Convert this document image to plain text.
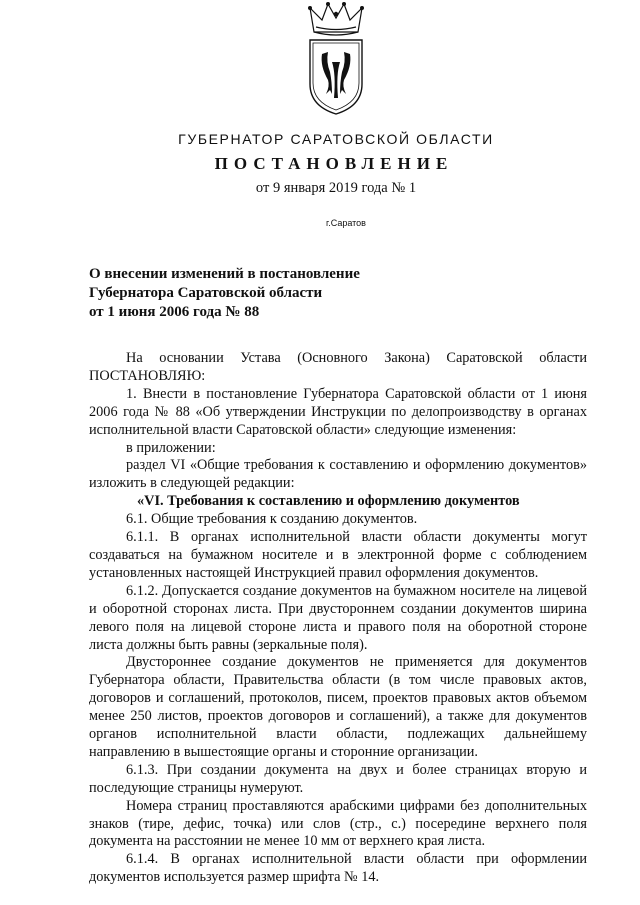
ГУБЕРНАТОР САРАТОВСКОЙ ОБЛАСТИ
ПОСТАНОВЛЕНИЕ
от 9 января 2019 года № 1
г.Саратов
О внесении изменений в постановление
Губернатора Саратовской области
от 1 июня 2006 года № 88

На основании Устава (Основного Закона) Саратовской области

ПОСТАНОВЛЯЮ:

1. Внести в постановление Губернатора Саратовской области от 1 июня 2006 года № 88 «Об утверждении Инструкции по делопроизводству в органах исполнительной власти Саратовской области» следующие изменения:

в приложении:

раздел VI «Общие требования к составлению и оформлению документов» изложить в следующей редакции:

«VI. Требования к составлению и оформлению документов

6.1. Общие требования к созданию документов.

6.1.1. В органах исполнительной власти области документы могут создаваться на бумажном носителе и в электронной форме с соблюдением установленных настоящей Инструкцией правил оформления документов.

6.1.2. Допускается создание документов на бумажном носителе на лицевой и оборотной сторонах листа. При двустороннем создании документов ширина левого поля на лицевой стороне листа и правого поля на оборотной стороне листа должны быть равны (зеркальные поля).

Двустороннее создание документов не применяется для документов Губернатора области, Правительства области (в том числе правовых актов, договоров и соглашений, протоколов, писем, проектов правовых актов объемом менее 250 листов, проектов договоров и соглашений), а также для документов органов исполнительной власти области, подлежащих дальнейшему направлению в вышестоящие органы и сторонние организации.

6.1.3. При создании документа на двух и более страницах вторую и последующие страницы нумеруют.

Номера страниц проставляются арабскими цифрами без дополнительных знаков (тире, дефис, точка) или слов (стр., с.) посередине верхнего поля документа на расстоянии не менее 10 мм от верхнего края листа.

6.1.4. В органах исполнительной власти области при оформлении документов используется размер шрифта № 14.
